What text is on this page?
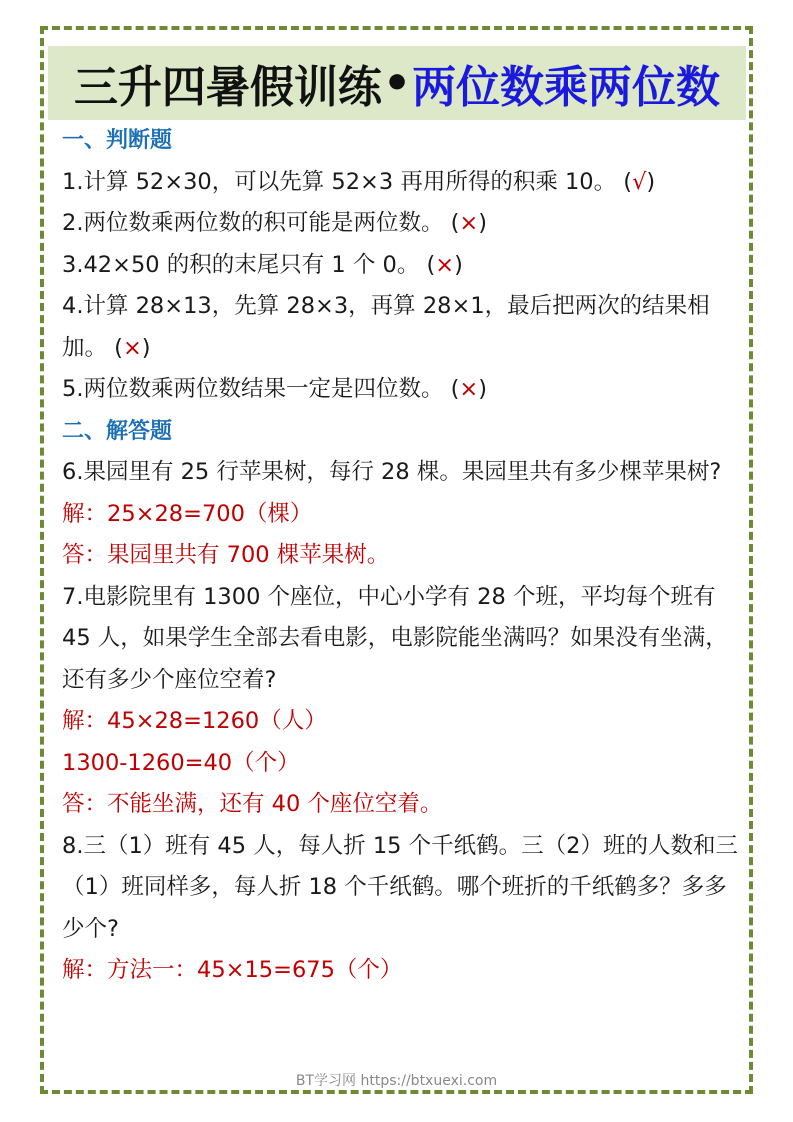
三升四暑假训练 • 两位数乘两位数
一、判断题
1.计算 52×30，可以先算 52×3 再用所得的积乘 10。 (√)
2.两位数乘两位数的积可能是两位数。 (×)
3.42×50 的积的末尾只有 1 个 0。 (×)
4.计算 28×13，先算 28×3，再算 28×1，最后把两次的结果相加。 (×)
5.两位数乘两位数结果一定是四位数。 (×)
二、解答题
6.果园里有 25 行苹果树，每行 28 棵。果园里共有多少棵苹果树?
解：25×28=700（棵）
答：果园里共有 700 棵苹果树。
7.电影院里有 1300 个座位，中心小学有 28 个班，平均每个班有 45 人，如果学生全部去看电影，电影院能坐满吗？如果没有坐满，还有多少个座位空着?
解：45×28=1260（人）
1300-1260=40（个）
答：不能坐满，还有 40 个座位空着。
8.三（1）班有 45 人，每人折 15 个千纸鹤。三（2）班的人数和三（1）班同样多，每人折 18 个千纸鹤。哪个班折的千纸鹤多？多多少个?
解：方法一：45×15=675（个）
BT学习网 https://btxuexi.com
